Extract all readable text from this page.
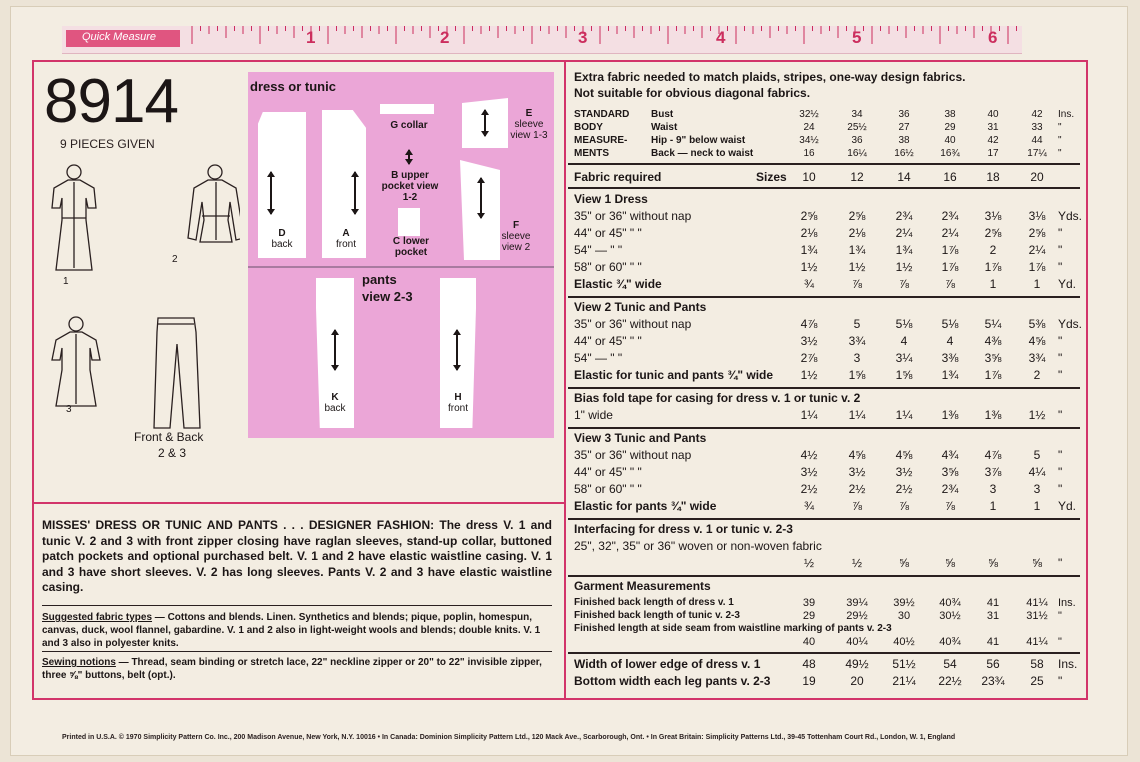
Quick Measure	1	2	3	4	5	6
8914
9 PIECES GIVEN
1
2
3
Front & Back
2 & 3
dress or tunic
D
back
A
front
G collar
B upper pocket view 1-2
C lower pocket
E
sleeve view 1-3
F
sleeve view 2
pants
view 2-3
K
back
H
front
MISSES' DRESS OR TUNIC AND PANTS . . . DESIGNER FASHION: The dress V. 1 and tunic V. 2 and 3 with front zipper closing have raglan sleeves, stand-up collar, buttoned patch pockets and optional purchased belt. V. 1 and 2 have elastic waistline casing. V. 1 and 3 have short sleeves. V. 2 has long sleeves. Pants V. 2 and 3 have elastic waistline casing.
Suggested fabric types — Cottons and blends. Linen. Synthetics and blends; pique, poplin, homespun, canvas, duck, wool flannel, gabardine. V. 1 and 2 also in light-weight wools and blends; double knits. V. 1 and 3 also in polyester knits.
Sewing notions — Thread, seam binding or stretch lace, 22" neckline zipper or 20" to 22" invisible zipper, three ⅝" buttons, belt (opt.).
Extra fabric needed to match plaids, stripes, one-way design fabrics.
Not suitable for obvious diagonal fabrics.
STANDARD
BODY
MEASURE-
MENTS
Bust	32½	34	36	38	40	42 Ins.
Waist	24	25½	27	29	31	33 "
Hip - 9" below waist	34½	36	38	40	42	44 "
Back — neck to waist	16	16¼	16½	16¾	17	17¼ "
Fabric required	Sizes 10	12	14	16 18	20
View 1 Dress
35" or 36" without nap	2⅝	2⅝	2¾ 2¾ 3⅛ 3⅛ Yds.
44" or 45" " "	2⅛	2⅛	2¼ 2¼ 2⅝ 2⅝ "
54" — " "	1¾	1¾	1¾ 1⅞	2	2¼ "
58" or 60" " "	1½	1½	1½ 1⅞ 1⅞ 1⅞ "
Elastic ¾" wide	¾	⅞	⅞	⅞	1	1 Yd.
View 2 Tunic and Pants
35" or 36" without nap	4⅞	5	5⅛ 5⅛ 5¼ 5⅜ Yds.
44" or 45" " "	3½	3¾	4	4	4⅜ 4⅝ "
54" — " "	2⅞	3	3¼ 3⅜ 3⅝ 3¾ "
Elastic for tunic and pants ¾" wide 1½	1⅝	1⅝ 1¾ 1⅞	2 "
Bias fold tape for casing for dress v. 1 or tunic v. 2
1" wide	1¼	1¼	1¼ 1⅜ 1⅜ 1½ "
View 3 Tunic and Pants
35" or 36" without nap	4½	4⅝	4⅝ 4¾ 4⅞	5 "
44" or 45" " "	3½	3½	3½ 3⅝ 3⅞ 4¼ "
58" or 60" " "	2½	2½	2½ 2¾	3	3 "
Elastic for pants ¾" wide	¾	⅞	⅞	⅞	1	1 Yd.
Interfacing for dress v. 1 or tunic v. 2-3
25", 32", 35" or 36" woven or non-woven fabric
½	½	⅝	⅝	⅝	⅝ "
Garment Measurements
Finished back length of dress v. 1	39	39¼ 39½ 40¾ 41 41¼ Ins.
Finished back length of tunic v. 2-3	29	29½	30	30½ 31 31½ "
Finished length at side seam from waistline marking of pants v. 2-3
40	40¼ 40½ 40¾ 41 41¼ "
Width of lower edge of dress v. 1	48 49½ 51½ 54 56	58 Ins.
Bottom width each leg pants v. 2-3	19	20 21¼ 22½ 23¾ 25 "
Printed in U.S.A. © 1970 Simplicity Pattern Co. Inc., 200 Madison Avenue, New York, N.Y. 10016 • In Canada: Dominion Simplicity Pattern Ltd., 120 Mack Ave., Scarborough, Ont. • In Great Britain: Simplicity Patterns Ltd., 39-45 Tottenham Court Rd., London, W. 1, England
